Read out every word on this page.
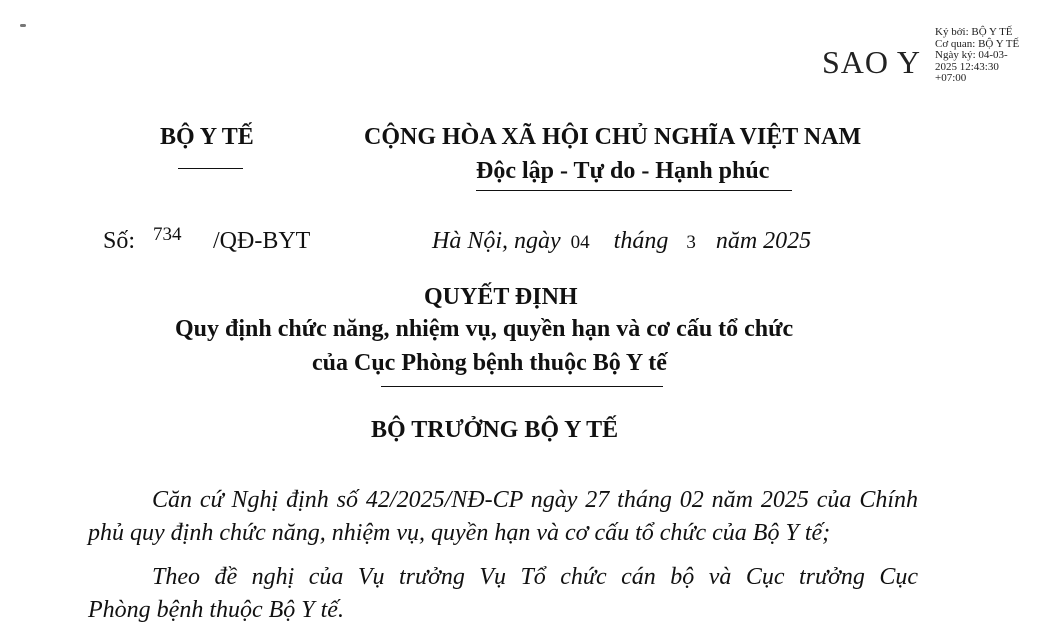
Ký bởi: BỘ Y TẾ
Cơ quan: BỘ Y TẾ
Ngày ký: 04-03-
2025 12:43:30
+07:00
SAO Y
BỘ Y TẾ	CỘNG HÒA XÃ HỘI CHỦ NGHĨA VIỆT NAM
Độc lập - Tự do - Hạnh phúc
Số: 734 /QĐ-BYT	Hà Nội, ngày 04 tháng 3 năm 2025
QUYẾT ĐỊNH
Quy định chức năng, nhiệm vụ, quyền hạn và cơ cấu tổ chức
của Cục Phòng bệnh thuộc Bộ Y tế
BỘ TRƯỞNG BỘ Y TẾ
Căn cứ Nghị định số 42/2025/NĐ-CP ngày 27 tháng 02 năm 2025 của Chính
phủ quy định chức năng, nhiệm vụ, quyền hạn và cơ cấu tổ chức của Bộ Y tế;
Theo đề nghị của Vụ trưởng Vụ Tổ chức cán bộ và Cục trưởng Cục
Phòng bệnh thuộc Bộ Y tế.
